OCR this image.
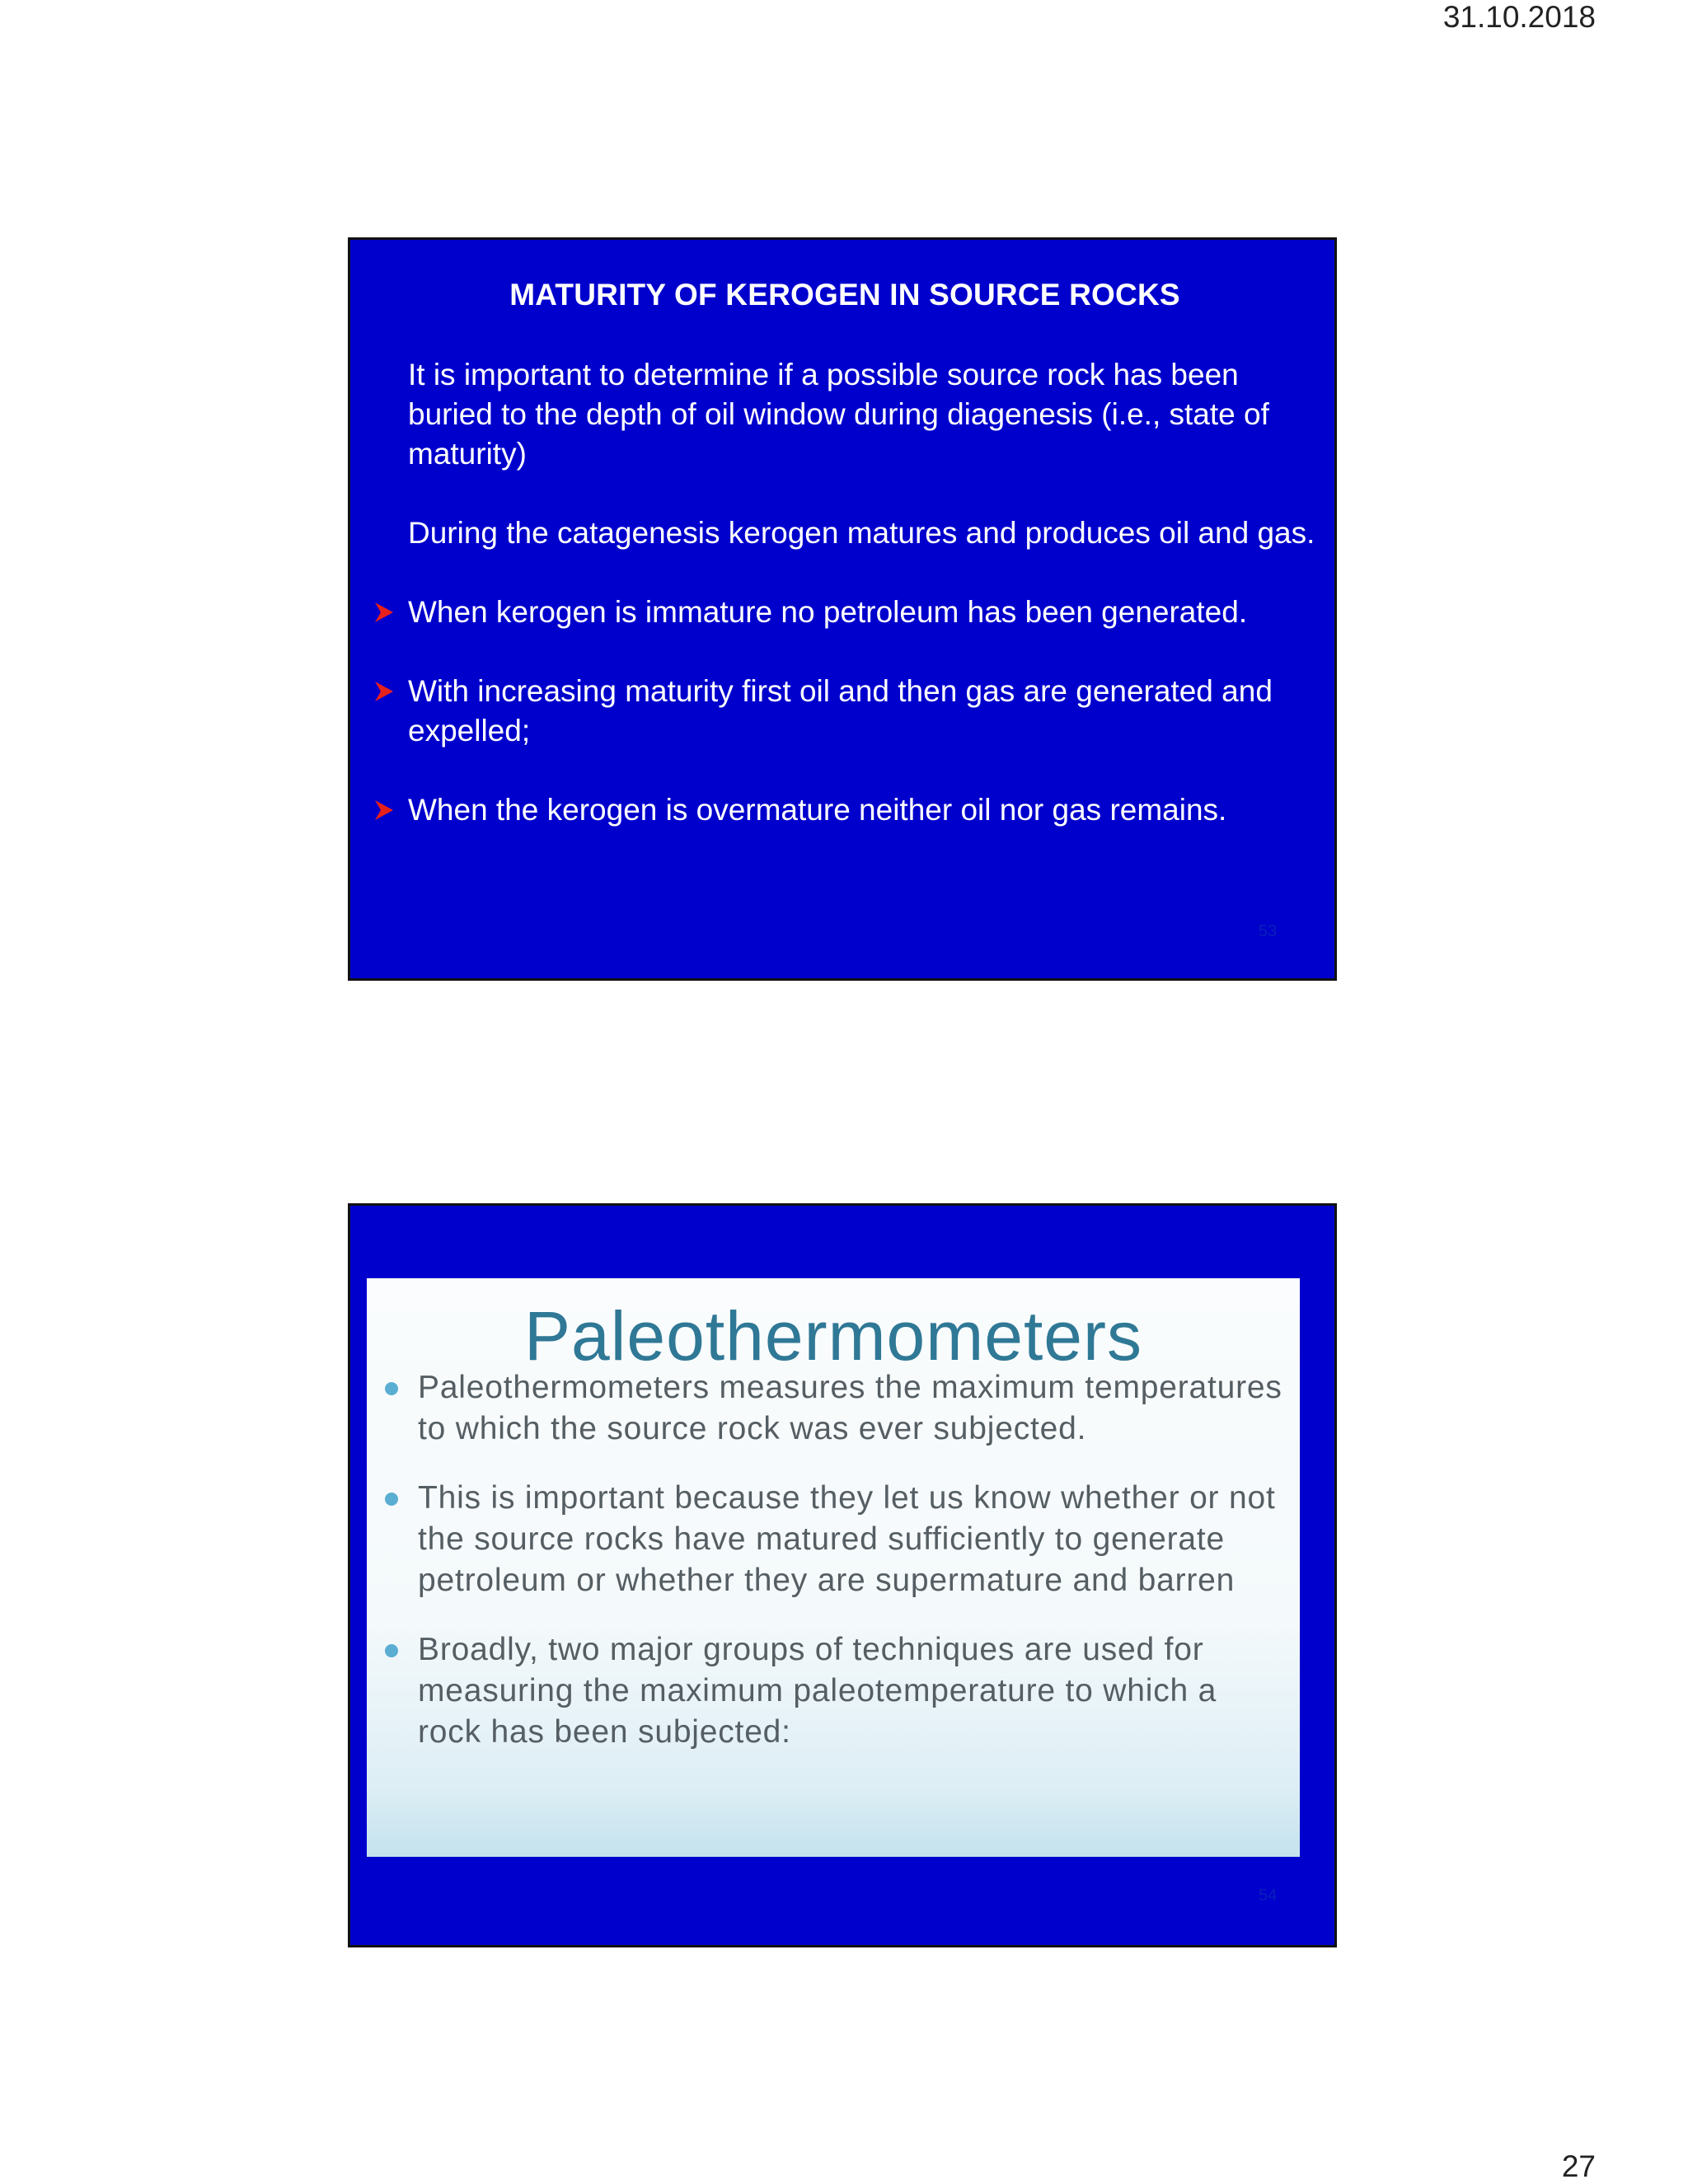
31.10.2018
MATURITY OF KEROGEN IN SOURCE ROCKS

It is important to determine if a possible source rock has been buried to the depth of oil window during diagenesis (i.e., state of maturity)

During the catagenesis kerogen matures and produces oil and gas.

When kerogen is immature no petroleum has been generated.
With increasing maturity first oil and then gas are generated and expelled;
When the kerogen is overmature neither oil nor gas remains.
53
Paleothermometers
Paleothermometers measures the maximum temperatures to which the source rock was ever subjected.
This is important because they let us know whether or not the source rocks have matured sufficiently to generate petroleum or whether they are supermature and barren
Broadly, two major groups of techniques are used for measuring the maximum paleotemperature to which a rock has been subjected:
54
27
